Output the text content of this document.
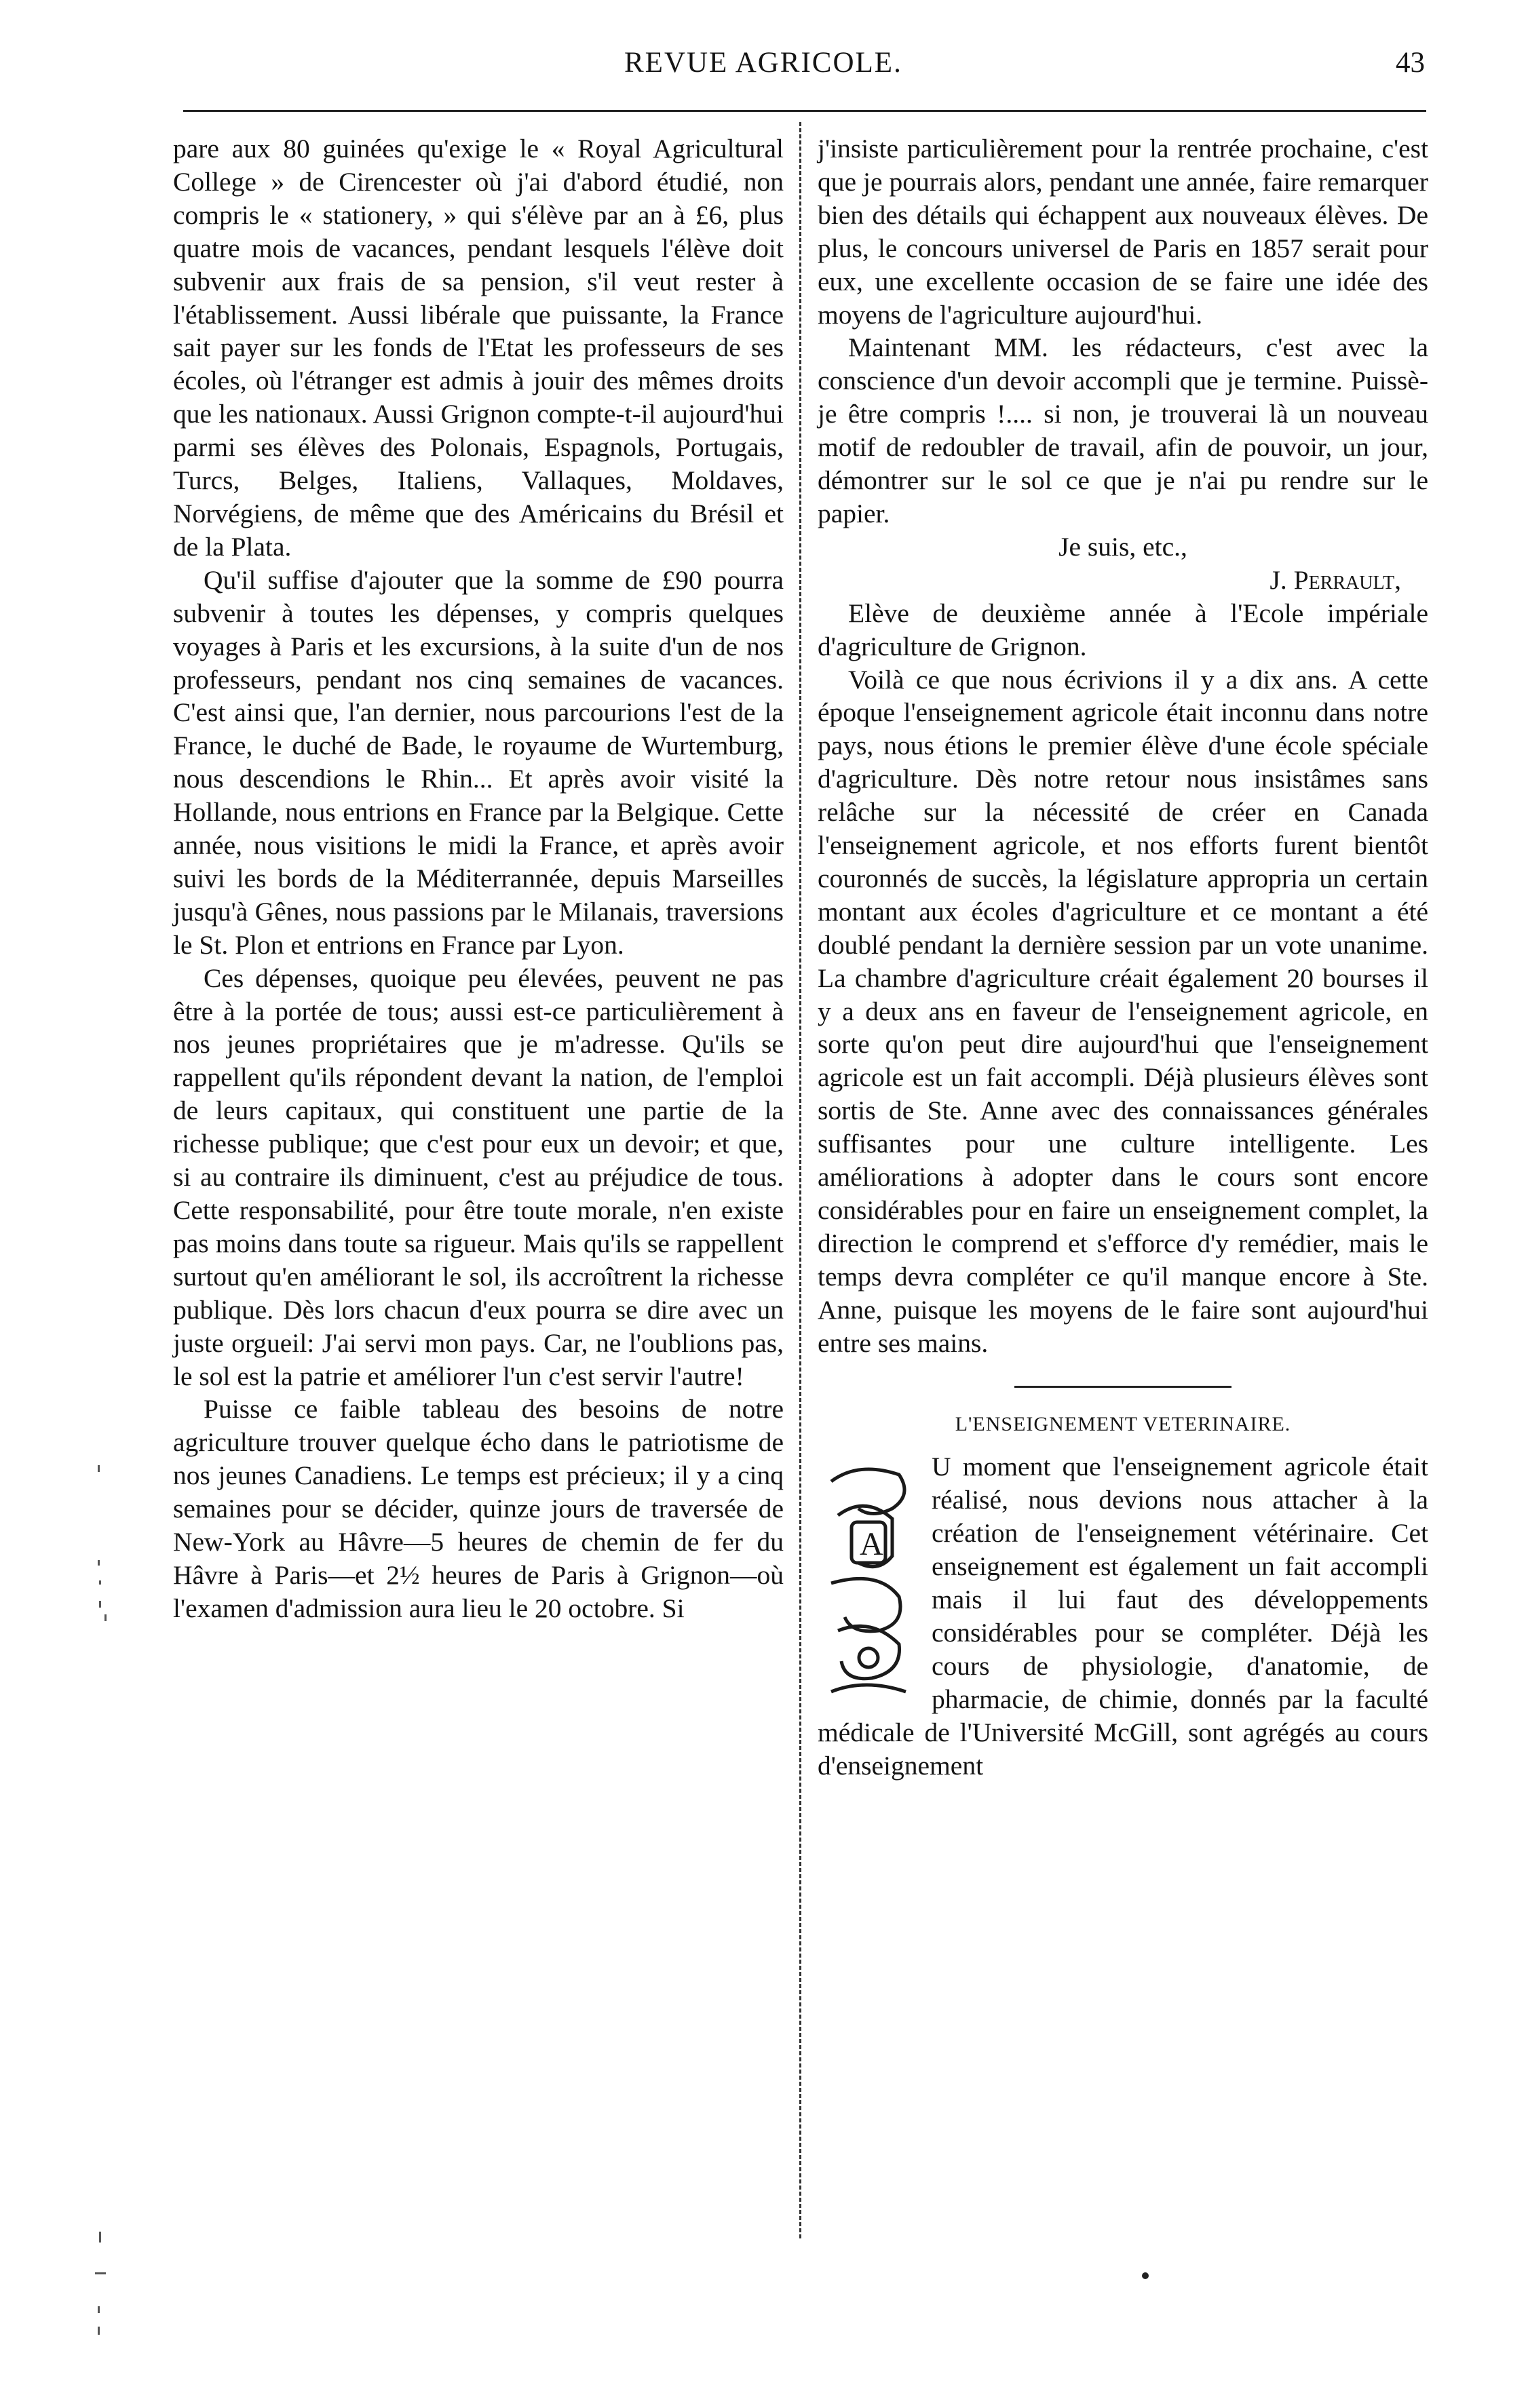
REVUE AGRICOLE.	43

pare aux 80 guinées qu'exige le « Royal Agricultural College » de Cirencester où j'ai d'abord étudié, non compris le « stationery, » qui s'élève par an à £6, plus quatre mois de vacances, pendant lesquels l'élève doit subvenir aux frais de sa pension, s'il veut rester à l'établissement. Aussi libérale que puissante, la France sait payer sur les fonds de l'Etat les professeurs de ses écoles, où l'étranger est admis à jouir des mêmes droits que les nationaux. Aussi Grignon compte-t-il aujourd'hui parmi ses élèves des Polonais, Espagnols, Portugais, Turcs, Belges, Italiens, Vallaques, Moldaves, Norvégiens, de même que des Américains du Brésil et de la Plata.

Qu'il suffise d'ajouter que la somme de £90 pourra subvenir à toutes les dépenses, y compris quelques voyages à Paris et les excursions, à la suite d'un de nos professeurs, pendant nos cinq semaines de vacances. C'est ainsi que, l'an dernier, nous parcourions l'est de la France, le duché de Bade, le royaume de Wurtemburg, nous descendions le Rhin... Et après avoir visité la Hollande, nous entrions en France par la Belgique. Cette année, nous visitions le midi la France, et après avoir suivi les bords de la Méditerrannée, depuis Marseilles jusqu'à Gênes, nous passions par le Milanais, traversions le St. Plon et entrions en France par Lyon.

Ces dépenses, quoique peu élevées, peuvent ne pas être à la portée de tous; aussi est-ce particulièrement à nos jeunes propriétaires que je m'adresse. Qu'ils se rappellent qu'ils répondent devant la nation, de l'emploi de leurs capitaux, qui constituent une partie de la richesse publique; que c'est pour eux un devoir; et que, si au contraire ils diminuent, c'est au préjudice de tous. Cette responsabilité, pour être toute morale, n'en existe pas moins dans toute sa rigueur. Mais qu'ils se rappellent surtout qu'en améliorant le sol, ils accroîtrent la richesse publique. Dès lors chacun d'eux pourra se dire avec un juste orgueil: J'ai servi mon pays. Car, ne l'oublions pas, le sol est la patrie et améliorer l'un c'est servir l'autre!

Puisse ce faible tableau des besoins de notre agriculture trouver quelque écho dans le patriotisme de nos jeunes Canadiens. Le temps est précieux; il y a cinq semaines pour se décider, quinze jours de traversée de New-York au Hâvre—5 heures de chemin de fer du Hâvre à Paris—et 2½ heures de Paris à Grignon—où l'examen d'admission aura lieu le 20 octobre. Si

j'insiste particulièrement pour la rentrée prochaine, c'est que je pourrais alors, pendant une année, faire remarquer bien des détails qui échappent aux nouveaux élèves. De plus, le concours universel de Paris en 1857 serait pour eux, une excellente occasion de se faire une idée des moyens de l'agriculture aujourd'hui.

Maintenant MM. les rédacteurs, c'est avec la conscience d'un devoir accompli que je termine. Puissè-je être compris !.... si non, je trouverai là un nouveau motif de redoubler de travail, afin de pouvoir, un jour, démontrer sur le sol ce que je n'ai pu rendre sur le papier.

Je suis, etc.,

J. Perrault,

Elève de deuxième année à l'Ecole impériale d'agriculture de Grignon.

Voilà ce que nous écrivions il y a dix ans. A cette époque l'enseignement agricole était inconnu dans notre pays, nous étions le premier élève d'une école spéciale d'agriculture. Dès notre retour nous insistâmes sans relâche sur la nécessité de créer en Canada l'enseignement agricole, et nos efforts furent bientôt couronnés de succès, la législature appropria un certain montant aux écoles d'agriculture et ce montant a été doublé pendant la dernière session par un vote unanime. La chambre d'agriculture créait également 20 bourses il y a deux ans en faveur de l'enseignement agricole, en sorte qu'on peut dire aujourd'hui que l'enseignement agricole est un fait accompli. Déjà plusieurs élèves sont sortis de Ste. Anne avec des connaissances générales suffisantes pour une culture intelligente. Les améliorations à adopter dans le cours sont encore considérables pour en faire un enseignement complet, la direction le comprend et s'efforce d'y remédier, mais le temps devra compléter ce qu'il manque encore à Ste. Anne, puisque les moyens de le faire sont aujourd'hui entre ses mains.

L'ENSEIGNEMENT VETERINAIRE.
A

U moment que l'enseignement agricole était réalisé, nous devions nous attacher à la création de l'enseignement vétérinaire. Cet enseignement est également un fait accompli mais il lui faut des développements considérables pour se compléter. Déjà les cours de physiologie, d'anatomie, de pharmacie, de chimie, donnés par la faculté médicale de l'Université McGill, sont agrégés au cours d'enseignement
